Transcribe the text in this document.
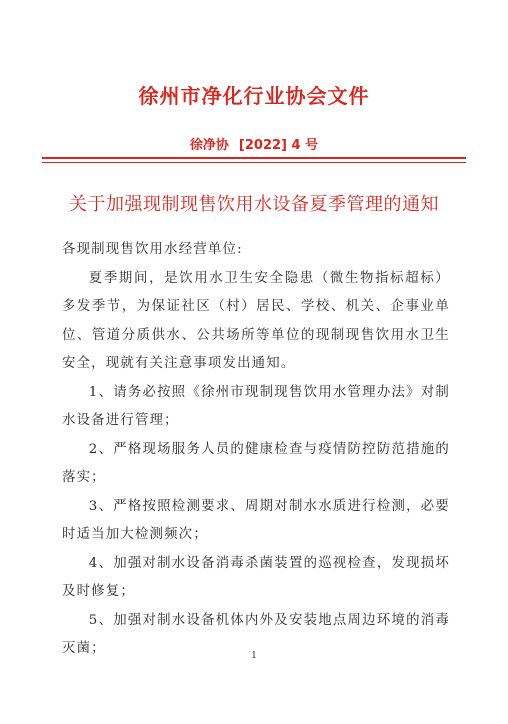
徐州市净化行业协会文件
徐净协 [2022] 4 号
关于加强现制现售饮用水设备夏季管理的通知

各现制现售饮用水经营单位:

夏季期间，是饮用水卫生安全隐患（微生物指标超标）多发季节，为保证社区（村）居民、学校、机关、企事业单位、管道分质供水、公共场所等单位的现制现售饮用水卫生安全，现就有关注意事项发出通知。

1、请务必按照《徐州市现制现售饮用水管理办法》对制水设备进行管理；

2、严格现场服务人员的健康检查与疫情防控防范措施的落实；

3、严格按照检测要求、周期对制水水质进行检测，必要时适当加大检测频次；

4、加强对制水设备消毒杀菌装置的巡视检查，发现损坏及时修复；

5、加强对制水设备机体内外及安装地点周边环境的消毒灭菌；	1
